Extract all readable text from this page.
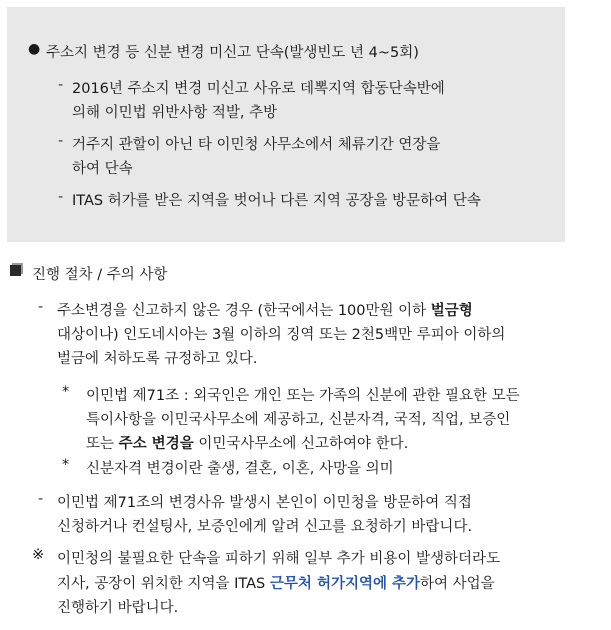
● 주소지 변경 등 신분 변경 미신고 단속(발생빈도 년 4~5회)
- 2016년 주소지 변경 미신고 사유로 데뽁지역 합동단속반에
의해 이민법 위반사항 적발, 추방
- 거주지 관할이 아닌 타 이민청 사무소에서 체류기간 연장을
하여 단속
- ITAS 허가를 받은 지역을 벗어나 다른 지역 공장을 방문하여 단속
진행 절차 / 주의 사항
- 주소변경을 신고하지 않은 경우 (한국에서는 100만원 이하 벌금형
대상이나) 인도네시아는 3월 이하의 징역 또는 2천5백만 루피아 이하의
벌금에 처하도록 규정하고 있다.
* 이민법 제71조 : 외국인은 개인 또는 가족의 신분에 관한 필요한 모든
특이사항을 이민국사무소에 제공하고, 신분자격, 국적, 직업, 보증인
또는 주소 변경을 이민국사무소에 신고하여야 한다.
* 신분자격 변경이란 출생, 결혼, 이혼, 사망을 의미
- 이민법 제71조의 변경사유 발생시 본인이 이민청을 방문하여 직접
신청하거나 컨설팅사, 보증인에게 알려 신고를 요청하기 바랍니다.
※ 이민청의 불필요한 단속을 피하기 위해 일부 추가 비용이 발생하더라도
지사, 공장이 위치한 지역을 ITAS 근무처 허가지역에 추가하여 사업을
진행하기 바랍니다.
